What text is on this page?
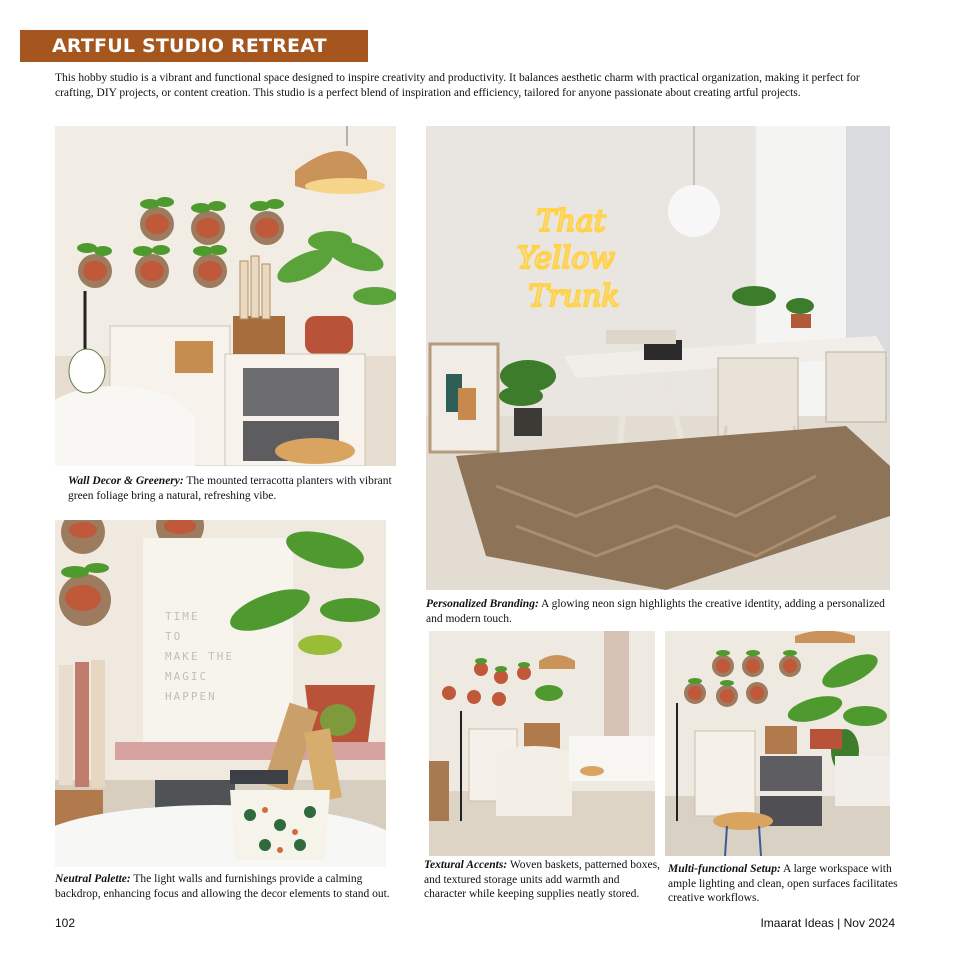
ARTFUL STUDIO RETREAT

This hobby studio is a vibrant and functional space designed to inspire creativity and productivity. It balances aesthetic charm with practical organization, making it perfect for crafting, DIY projects, or content creation. This studio is a perfect blend of inspiration and efficiency, tailored for anyone passionate about creating artful projects.

Wall Decor & Greenery: The mounted terracotta planters with vibrant green foliage bring a natural, refreshing vibe.
That
Yellow
Trunk
Personalized Branding: A glowing neon sign highlights the creative identity, adding a personalized and modern touch.
TIME
TO
MAKE THE
MAGIC
HAPPEN
Neutral Palette: The light walls and furnishings provide a calming backdrop, enhancing focus and allowing the decor elements to stand out.
Textural Accents: Woven baskets, patterned boxes, and textured storage units add warmth and character while keeping supplies neatly stored.
Multi-functional Setup: A large workspace with ample lighting and clean, open surfaces facilitates creative workflows.
102	Imaarat Ideas | Nov 2024
